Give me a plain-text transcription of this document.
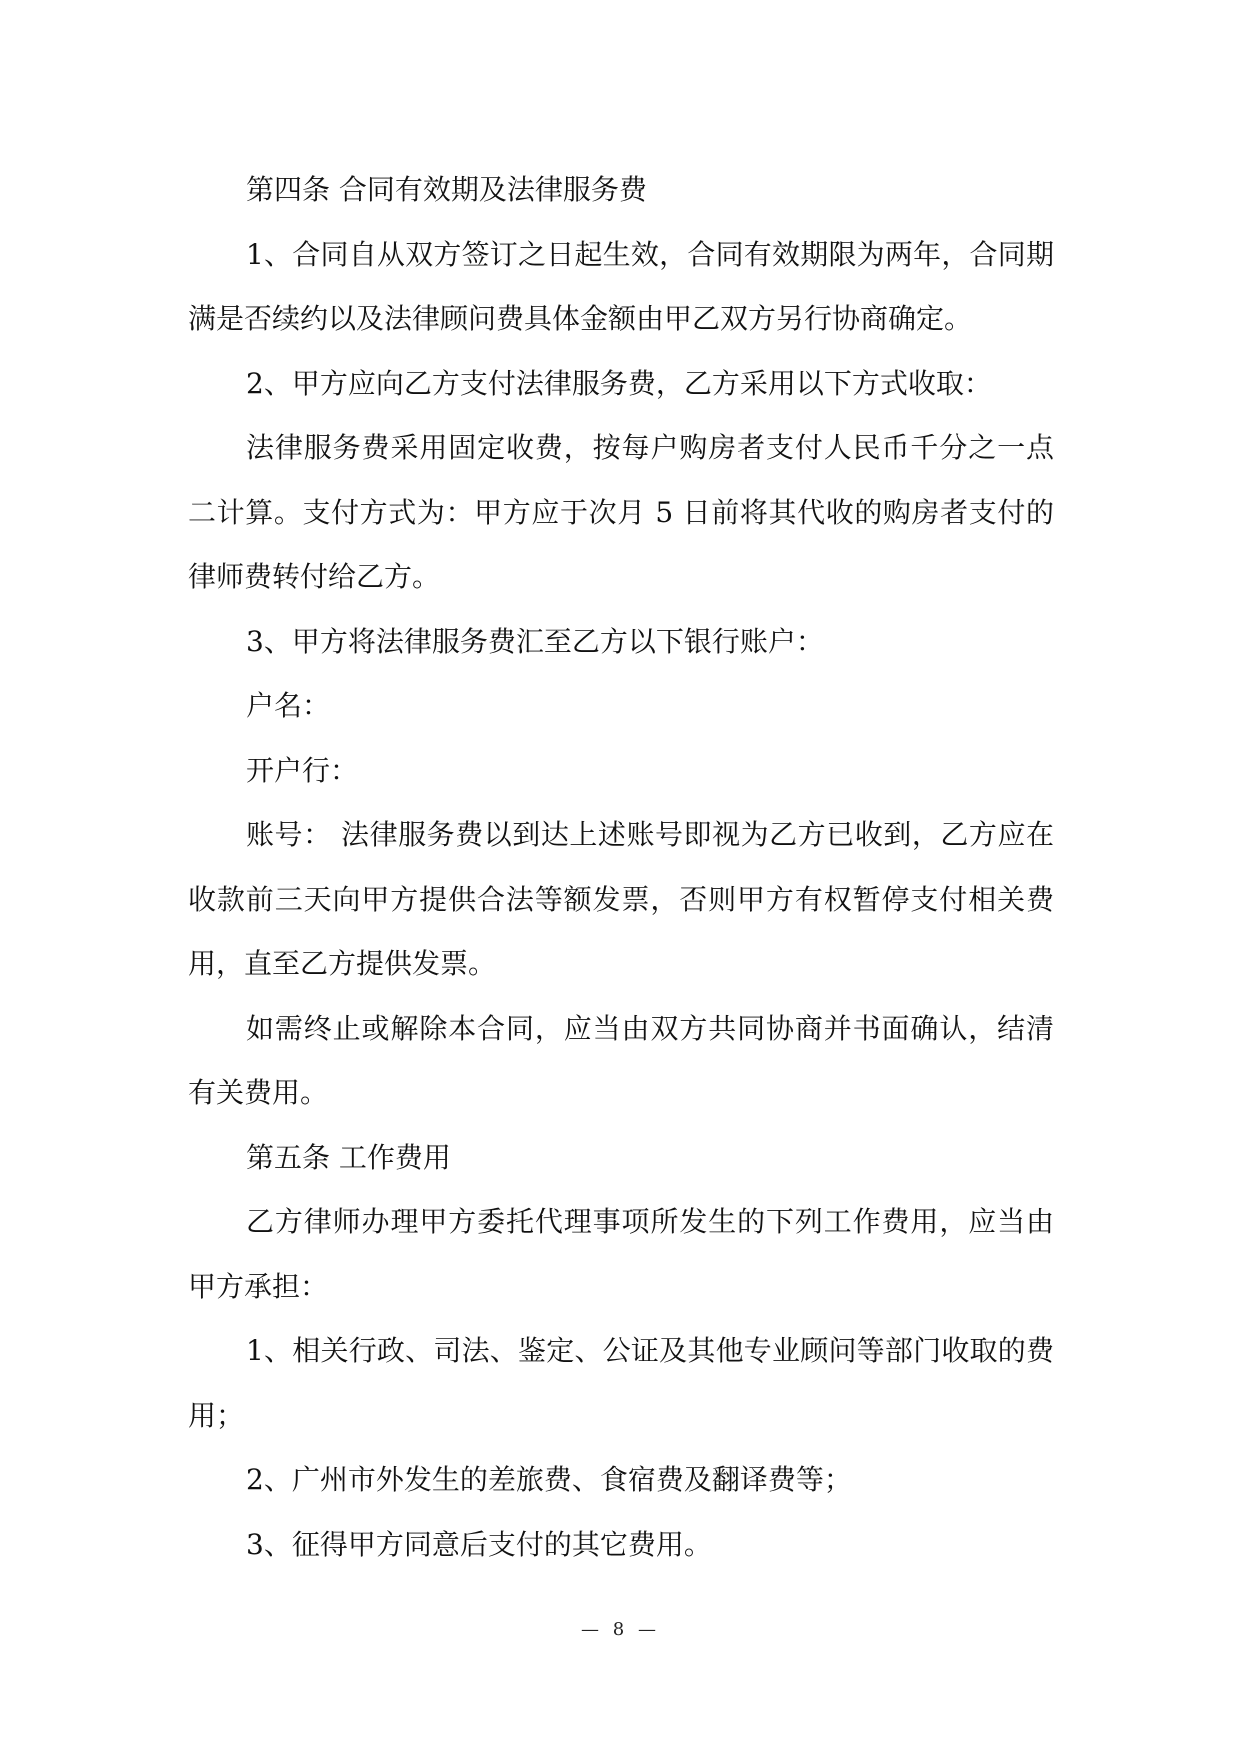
第四条 合同有效期及法律服务费

1、合同自从双方签订之日起生效，合同有效期限为两年，合同期满是否续约以及法律顾问费具体金额由甲乙双方另行协商确定。

2、甲方应向乙方支付法律服务费，乙方采用以下方式收取：

法律服务费采用固定收费，按每户购房者支付人民币千分之一点二计算。支付方式为：甲方应于次月 5 日前将其代收的购房者支付的律师费转付给乙方。

3、甲方将法律服务费汇至乙方以下银行账户：

户名：

开户行：

账号： 法律服务费以到达上述账号即视为乙方已收到，乙方应在收款前三天向甲方提供合法等额发票，否则甲方有权暂停支付相关费用，直至乙方提供发票。

如需终止或解除本合同，应当由双方共同协商并书面确认，结清有关费用。

第五条 工作费用

乙方律师办理甲方委托代理事项所发生的下列工作费用，应当由甲方承担：

1、相关行政、司法、鉴定、公证及其他专业顾问等部门收取的费用；

2、广州市外发生的差旅费、食宿费及翻译费等；

3、征得甲方同意后支付的其它费用。

— 8 —
